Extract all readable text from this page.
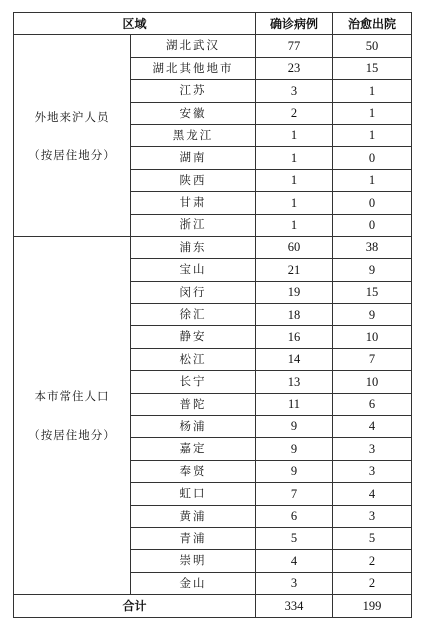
区域		确诊病例	治愈出院

外地来沪人员
（按居住地分）	湖北武汉	77	50
	湖北其他地市	23	15
	江苏	3	1
	安徽	2	1
	黑龙江	1	1
	湖南	1	0
	陕西	1	1
	甘肃	1	0
	浙江	1	0

本市常住人口
（按居住地分）	浦东	60	38
	宝山	21	9
	闵行	19	15
	徐汇	18	9
	静安	16	10
	松江	14	7
	长宁	13	10
	普陀	11	6
	杨浦	9	4
	嘉定	9	3
	奉贤	9	3
	虹口	7	4
	黄浦	6	3
	青浦	5	5
	崇明	4	2
	金山	3	2
合计		334	199
